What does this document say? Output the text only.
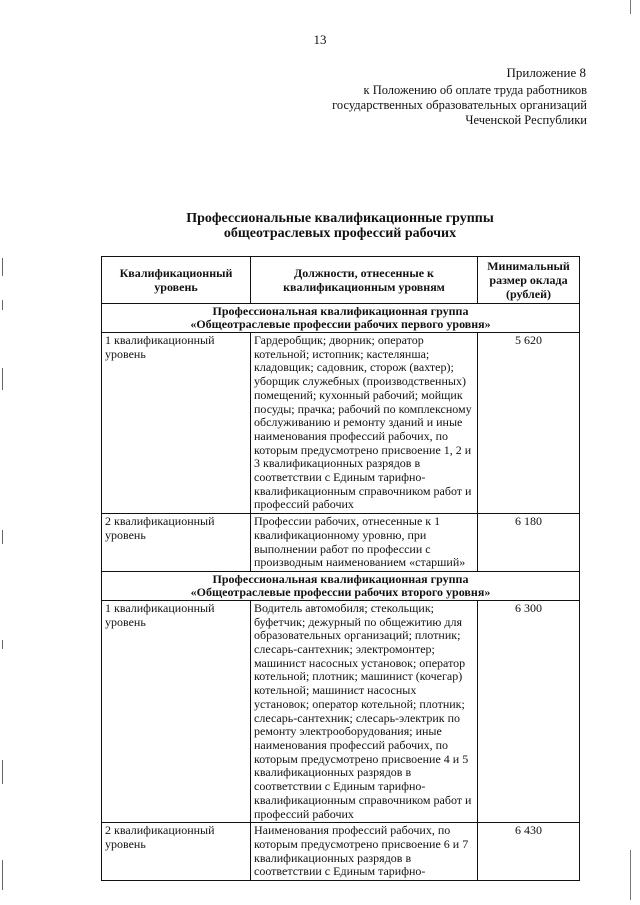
13
Приложение 8
к Положению об оплате труда работников
государственных образовательных организаций
Чеченской Республики
Профессиональные квалификационные группы
общеотраслевых профессий рабочих
Квалификационный уровень	Должности, отнесенные к квалификационным уровням	Минимальный размер оклада (рублей)

Профессиональная квалификационная группа
«Общеотраслевые профессии рабочих первого уровня»		

1 квалификационный уровень	Гардеробщик; дворник; оператор котельной; истопник; кастелянша; кладовщик; садовник, сторож (вахтер); уборщик служебных (производственных) помещений; кухонный рабочий; мойщик посуды; прачка; рабочий по комплексному обслуживанию и ремонту зданий и иные наименования профессий рабочих, по которым предусмотрено присвоение 1, 2 и 3 квалификационных разрядов в соответствии с Единым тарифно-квалификационным справочником работ и профессий рабочих	5 620
2 квалификационный уровень	Профессии рабочих, отнесенные к 1 квалификационному уровню, при выполнении работ по профессии с производным наименованием «старший»	6 180

Профессиональная квалификационная группа
«Общеотраслевые профессии рабочих второго уровня»		

1 квалификационный уровень	Водитель автомобиля; стекольщик; буфетчик; дежурный по общежитию для образовательных организаций; плотник; слесарь-сантехник; электромонтер; машинист насосных установок; оператор котельной; плотник; машинист (кочегар) котельной; машинист насосных установок; оператор котельной; плотник; слесарь-сантехник; слесарь-электрик по ремонту электрооборудования; иные наименования профессий рабочих, по которым предусмотрено присвоение 4 и 5 квалификационных разрядов в соответствии с Единым тарифно-квалификационным справочником работ и профессий рабочих	6 300
2 квалификационный уровень	Наименования профессий рабочих, по которым предусмотрено присвоение 6 и 7 квалификационных разрядов в соответствии с Единым тарифно-	6 430
